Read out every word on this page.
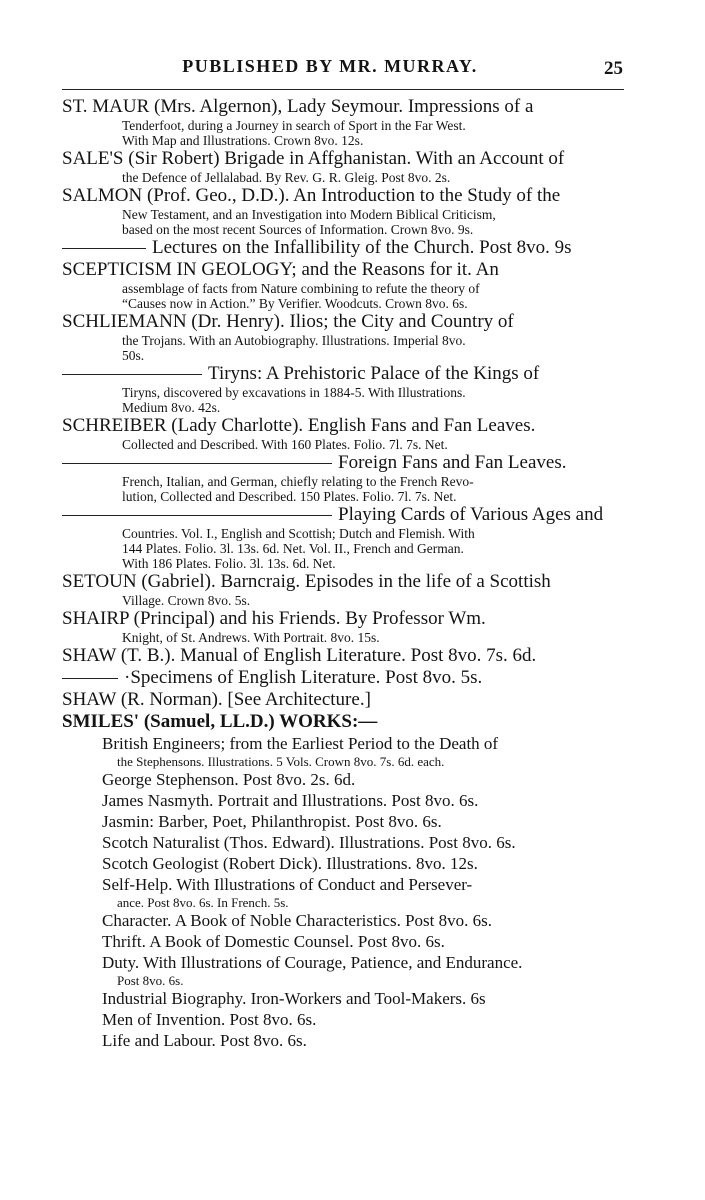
PUBLISHED BY MR. MURRAY.	25
ST. MAUR (Mrs. Algernon), Lady Seymour. Impressions of a
Tenderfoot, during a Journey in search of Sport in the Far West.
With Map and Illustrations. Crown 8vo. 12s.
SALE'S (Sir Robert) Brigade in Affghanistan. With an Account of
the Defence of Jellalabad. By Rev. G. R. Gleig. Post 8vo. 2s.
SALMON (Prof. Geo., D.D.). An Introduction to the Study of the
New Testament, and an Investigation into Modern Biblical Criticism,
based on the most recent Sources of Information. Crown 8vo. 9s.
Lectures on the Infallibility of the Church. Post 8vo. 9s
SCEPTICISM IN GEOLOGY; and the Reasons for it. An
assemblage of facts from Nature combining to refute the theory of
“Causes now in Action.” By Verifier. Woodcuts. Crown 8vo. 6s.
SCHLIEMANN (Dr. Henry). Ilios; the City and Country of
the Trojans. With an Autobiography. Illustrations. Imperial 8vo.
50s.
Tiryns: A Prehistoric Palace of the Kings of
Tiryns, discovered by excavations in 1884-5. With Illustrations.
Medium 8vo. 42s.
SCHREIBER (Lady Charlotte). English Fans and Fan Leaves.
Collected and Described. With 160 Plates. Folio. 7l. 7s. Net.
Foreign Fans and Fan Leaves.
French, Italian, and German, chiefly relating to the French Revo-
lution, Collected and Described. 150 Plates. Folio. 7l. 7s. Net.
Playing Cards of Various Ages and
Countries. Vol. I., English and Scottish; Dutch and Flemish. With
144 Plates. Folio. 3l. 13s. 6d. Net. Vol. II., French and German.
With 186 Plates. Folio. 3l. 13s. 6d. Net.
SETOUN (Gabriel). Barncraig. Episodes in the life of a Scottish
Village. Crown 8vo. 5s.
SHAIRP (Principal) and his Friends. By Professor Wm.
Knight, of St. Andrews. With Portrait. 8vo. 15s.
SHAW (T. B.). Manual of English Literature. Post 8vo. 7s. 6d.
·Specimens of English Literature. Post 8vo. 5s.
SHAW (R. Norman). [See Architecture.]
SMILES' (Samuel, LL.D.) WORKS:—
British Engineers; from the Earliest Period to the Death of
the Stephensons. Illustrations. 5 Vols. Crown 8vo. 7s. 6d. each.
George Stephenson. Post 8vo. 2s. 6d.
James Nasmyth. Portrait and Illustrations. Post 8vo. 6s.
Jasmin: Barber, Poet, Philanthropist. Post 8vo. 6s.
Scotch Naturalist (Thos. Edward). Illustrations. Post 8vo. 6s.
Scotch Geologist (Robert Dick). Illustrations. 8vo. 12s.
Self-Help. With Illustrations of Conduct and Persever-
ance. Post 8vo. 6s. In French. 5s.
Character. A Book of Noble Characteristics. Post 8vo. 6s.
Thrift. A Book of Domestic Counsel. Post 8vo. 6s.
Duty. With Illustrations of Courage, Patience, and Endurance.
Post 8vo. 6s.
Industrial Biography. Iron-Workers and Tool-Makers. 6s
Men of Invention. Post 8vo. 6s.
Life and Labour. Post 8vo. 6s.
